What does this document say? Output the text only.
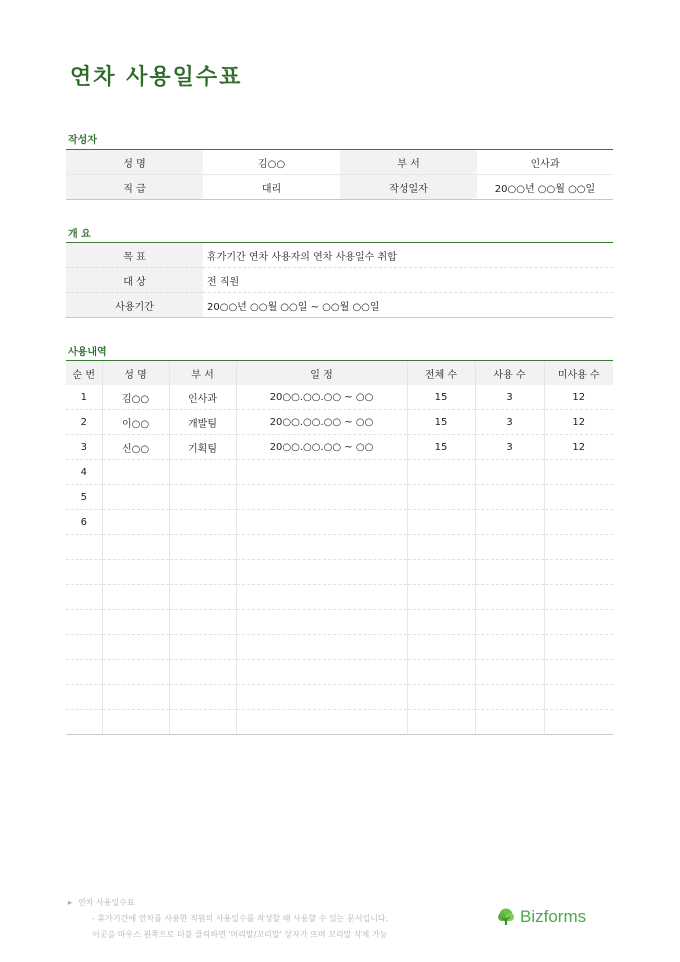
연차 사용일수표
작성자
성 명	김○○	부 서	인사과
직 급	대리	작성일자	20○○년 ○○월 ○○일
개 요
목 표	휴가기간 연차 사용자의 연차 사용일수 취합
대 상	전 직원
사용기간	20○○년 ○○월 ○○일 ~ ○○월 ○○일
사용내역
순 번	성 명	부 서	일 정	전체 수	사용 수	미사용 수
1	김○○	인사과	20○○.○○.○○ ~ ○○	15	3	12
2	이○○	개발팀	20○○.○○.○○ ~ ○○	15	3	12
3	신○○	기획팀	20○○.○○.○○ ~ ○○	15	3	12
4						
5						
6						

▸ 연차 사용일수표
- 휴가기간에 연차를 사용한 직원의 사용일수를 작성할 때 사용할 수 있는 문서입니다.
이곳을 마우스 왼쪽으로 더블 클릭하면 '머리말/꼬리말' 상자가 뜨며 꼬리말 삭제 가능
Bizforms
